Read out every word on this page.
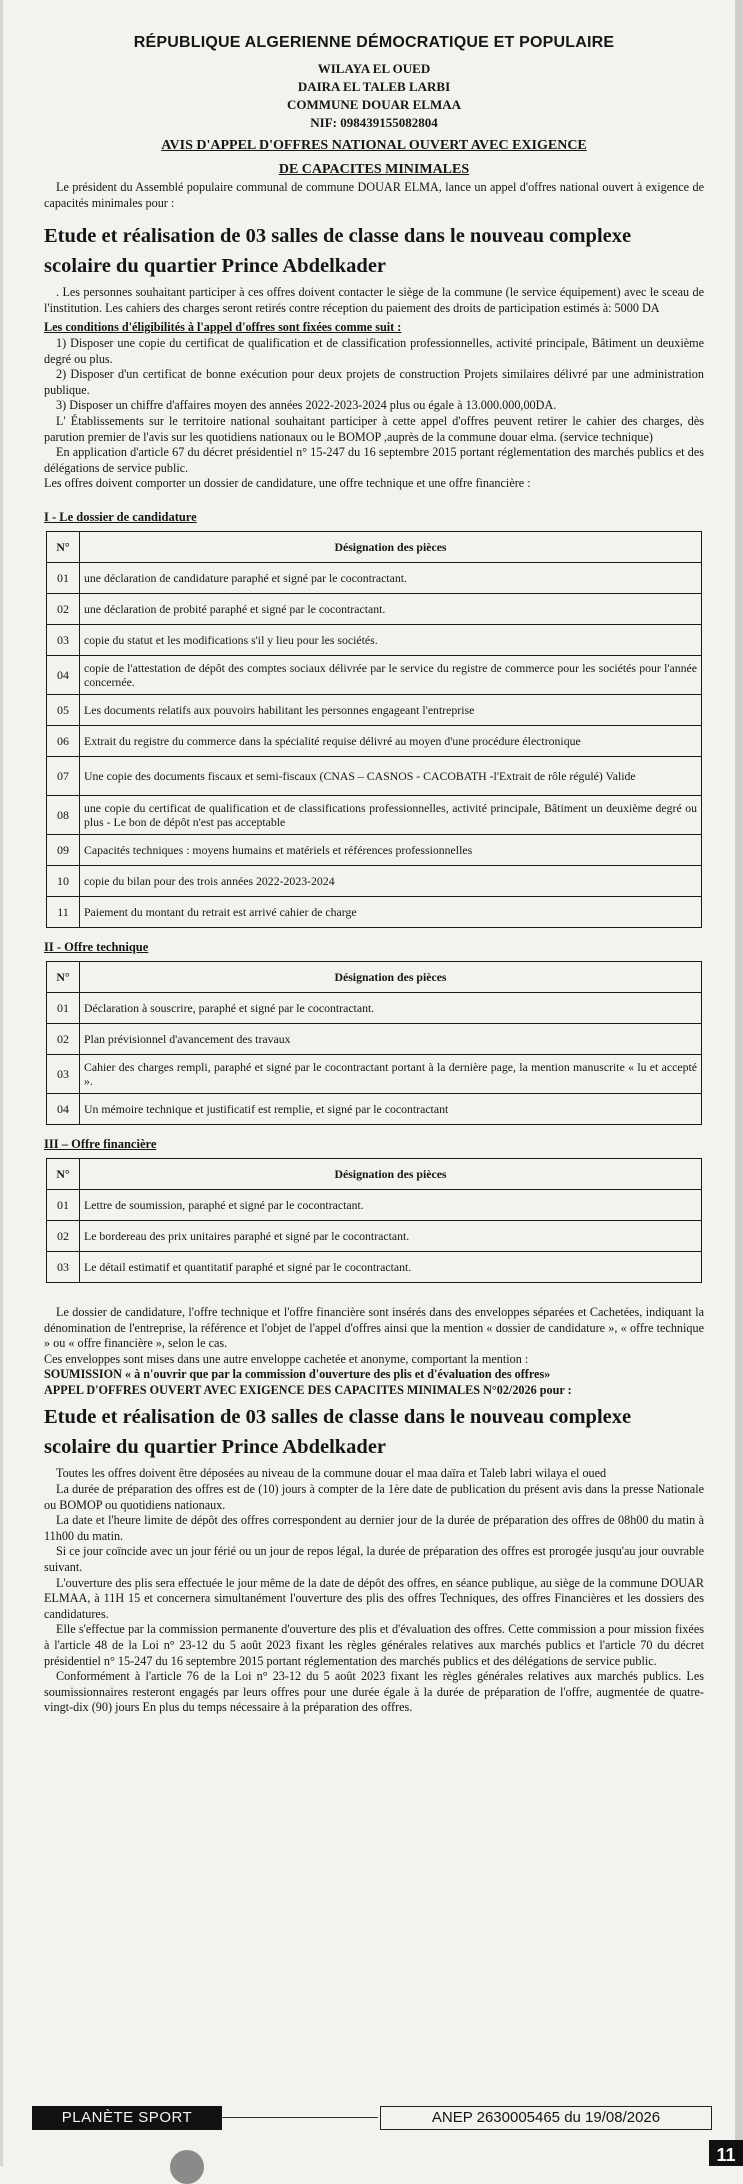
RÉPUBLIQUE ALGERIENNE DÉMOCRATIQUE ET POPULAIRE
WILAYA EL OUED
DAIRA EL TALEB LARBI
COMMUNE DOUAR ELMAA
NIF: 098439155082804
AVIS D'APPEL D'OFFRES NATIONAL OUVERT AVEC EXIGENCE
DE CAPACITES MINIMALES

Le président du Assemblé populaire communal de commune DOUAR ELMA, lance un appel d'offres national ouvert à exigence de capacités minimales pour :

Etude et réalisation de 03 salles de classe dans le nouveau complexe
scolaire du quartier Prince Abdelkader

. Les personnes souhaitant participer à ces offres doivent contacter le siège de la commune (le service équipement) avec le sceau de l'institution. Les cahiers des charges seront retirés contre réception du paiement des droits de participation estimés à: 5000 DA

Les conditions d'éligibilités à l'appel d'offres sont fixées comme suit :

1) Disposer une copie du certificat de qualification et de classification professionnelles, activité principale, Bâtiment un deuxième degré ou plus.

2) Disposer d'un certificat de bonne exécution pour deux projets de construction Projets similaires délivré par une administration publique.

3) Disposer un chiffre d'affaires moyen des années 2022-2023-2024 plus ou égale à 13.000.000,00DA.

L' Établissements sur le territoire national souhaitant participer à cette appel d'offres peuvent retirer le cahier des charges, dès parution premier de l'avis sur les quotidiens nationaux ou le BOMOP ,auprès de la commune douar elma. (service technique)

En application d'article 67 du décret présidentiel n° 15-247 du 16 septembre 2015 portant réglementation des marchés publics et des délégations de service public.

Les offres doivent comporter un dossier de candidature, une offre technique et une offre financière :

I - Le dossier de candidature
N°	Désignation des pièces
01	une déclaration de candidature paraphé et signé par le cocontractant.
02	une déclaration de probité paraphé et signé par le cocontractant.
03	copie du statut et les modifications s'il y lieu pour les sociétés.
04	copie de l'attestation de dépôt des comptes sociaux délivrée par le service du registre de commerce pour les sociétés pour l'année concernée.
05	Les documents relatifs aux pouvoirs habilitant les personnes engageant l'entreprise
06	Extrait du registre du commerce dans la spécialité requise délivré au moyen d'une procédure électronique
07	Une copie des documents fiscaux et semi-fiscaux (CNAS – CASNOS - CACOBATH -l'Extrait de rôle régulé) Valide
08	une copie du certificat de qualification et de classifications professionnelles, activité principale, Bâtiment un deuxième degré ou plus - Le bon de dépôt n'est pas acceptable
09	Capacités techniques : moyens humains et matériels et références professionnelles
10	copie du bilan pour des trois années 2022-2023-2024
11	Paiement du montant du retrait est arrivé cahier de charge
II - Offre technique
N°	Désignation des pièces
01	Déclaration à souscrire, paraphé et signé par le cocontractant.
02	Plan prévisionnel d'avancement des travaux
03	Cahier des charges rempli, paraphé et signé par le cocontractant portant à la dernière page, la mention manuscrite « lu et accepté ».
04	Un mémoire technique et justificatif est remplie, et signé par le cocontractant
III – Offre financière
N°	Désignation des pièces
01	Lettre de soumission, paraphé et signé par le cocontractant.
02	Le bordereau des prix unitaires paraphé et signé par le cocontractant.
03	Le détail estimatif et quantitatif paraphé et signé par le cocontractant.

Le dossier de candidature, l'offre technique et l'offre financière sont insérés dans des enveloppes séparées et Cachetées, indiquant la dénomination de l'entreprise, la référence et l'objet de l'appel d'offres ainsi que la mention « dossier de candidature », « offre technique » ou « offre financière », selon le cas.

Ces enveloppes sont mises dans une autre enveloppe cachetée et anonyme, comportant la mention :

SOUMISSION « à n'ouvrir que par la commission d'ouverture des plis et d'évaluation des offres»

APPEL D'OFFRES OUVERT AVEC EXIGENCE DES CAPACITES MINIMALES N°02/2026 pour :

Etude et réalisation de 03 salles de classe dans le nouveau complexe
scolaire du quartier Prince Abdelkader

Toutes les offres doivent être déposées au niveau de la commune douar el maa daïra et Taleb labri wilaya el oued

La durée de préparation des offres est de (10) jours à compter de la 1ère date de publication du présent avis dans la presse Nationale ou BOMOP ou quotidiens nationaux.

La date et l'heure limite de dépôt des offres correspondent au dernier jour de la durée de préparation des offres de 08h00 du matin à 11h00 du matin.

Si ce jour coïncide avec un jour férié ou un jour de repos légal, la durée de préparation des offres est prorogée jusqu'au jour ouvrable suivant.

L'ouverture des plis sera effectuée le jour même de la date de dépôt des offres, en séance publique, au siège de la commune DOUAR ELMAA, à 11H 15 et concernera simultanément l'ouverture des plis des offres Techniques, des offres Financières et les dossiers des candidatures.

Elle s'effectue par la commission permanente d'ouverture des plis et d'évaluation des offres. Cette commission a pour mission fixées à l'article 48 de la Loi n° 23-12 du 5 août 2023 fixant les règles générales relatives aux marchés publics et l'article 70 du décret présidentiel n° 15-247 du 16 septembre 2015 portant réglementation des marchés publics et des délégations de service public.

Conformément à l'article 76 de la Loi n° 23-12 du 5 août 2023 fixant les règles générales relatives aux marchés publics. Les soumissionnaires resteront engagés par leurs offres pour une durée égale à la durée de préparation de l'offre, augmentée de quatre-vingt-dix (90) jours En plus du temps nécessaire à la préparation des offres.

PLANÈTE SPORT	ANEP 2630005465 du 19/08/2026
11
